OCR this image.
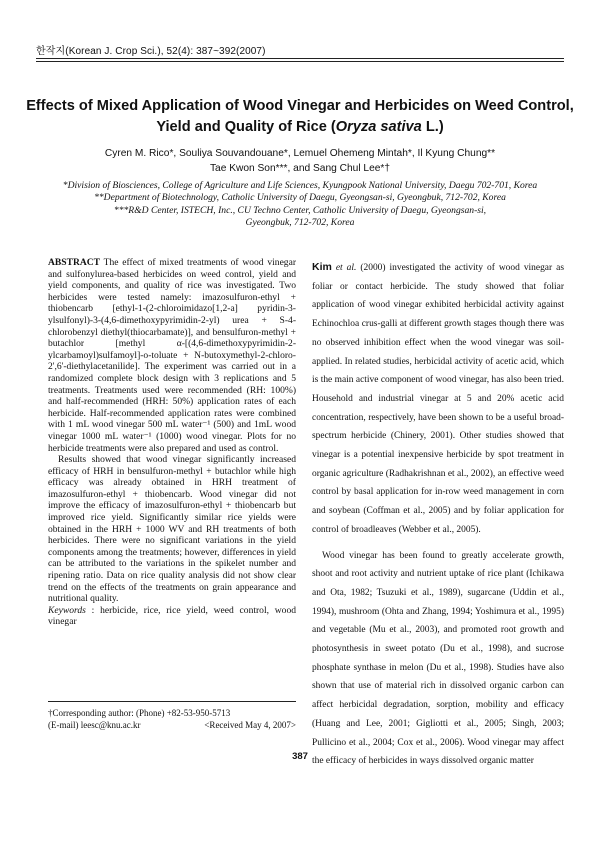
한작지(Korean J. Crop Sci.), 52(4): 387~392(2007)
Effects of Mixed Application of Wood Vinegar and Herbicides on Weed Control,
Yield and Quality of Rice (Oryza sativa L.)
Cyren M. Rico*, Souliya Souvandouane*, Lemuel Ohemeng Mintah*, Il Kyung Chung**
Tae Kwon Son***, and Sang Chul Lee*†
*Division of Biosciences, College of Agriculture and Life Sciences, Kyungpook National University, Daegu 702-701, Korea
**Department of Biotechnology, Catholic University of Daegu, Gyeongsan-si, Gyeongbuk, 712-702, Korea
***R&D Center, ISTECH, Inc., CU Techno Center, Catholic University of Daegu, Gyeongsan-si,
Gyeongbuk, 712-702, Korea

ABSTRACT The effect of mixed treatments of wood vinegar and sulfonylurea-based herbicides on weed control, yield and yield components, and quality of rice was investigated. Two herbicides were tested namely: imazosulfuron-ethyl + thiobencarb [ethyl-1-(2-chloroimidazo[1,2-a] pyridin-3-ylsulfonyl)-3-(4,6-dimethoxypyrimidin-2-yl) urea + S-4-chlorobenzyl diethyl(thiocarbamate)], and bensulfuron-methyl + butachlor [methyl α-[(4,6-dimethoxypyrimidin-2-ylcarbamoyl)sulfamoyl]-o-toluate + N-butoxymethyl-2-chloro-2',6'-diethylacetanilide]. The experiment was carried out in a randomized complete block design with 3 replications and 5 treatments. Treatments used were recommended (RH: 100%) and half-recommended (HRH: 50%) application rates of each herbicide. Half-recommended application rates were combined with 1 mL wood vinegar 500 mL water⁻¹ (500) and 1mL wood vinegar 1000 mL water⁻¹ (1000) wood vinegar. Plots for no herbicide treatments were also prepared and used as control.

Results showed that wood vinegar significantly increased efficacy of HRH in bensulfuron-methyl + butachlor while high efficacy was already obtained in HRH treatment of imazosulfuron-ethyl + thiobencarb. Wood vinegar did not improve the efficacy of imazosulfuron-ethyl + thiobencarb but improved rice yield. Significantly similar rice yields were obtained in the HRH + 1000 WV and RH treatments of both herbicides. There were no significant variations in the yield components among the treatments; however, differences in yield can be attributed to the variations in the spikelet number and ripening ratio. Data on rice quality analysis did not show clear trend on the effects of the treatments on grain appearance and nutritional quality.

Keywords : herbicide, rice, rice yield, weed control, wood vinegar

†Corresponding author: (Phone) +82-53-950-5713
(E-mail) leesc@knu.ac.kr	<Received May 4, 2007>

Kim et al. (2000) investigated the activity of wood vinegar as foliar or contact herbicide. The study showed that foliar application of wood vinegar exhibited herbicidal activity against Echinochloa crus-galli at different growth stages though there was no observed inhibition effect when the wood vinegar was soil-applied. In related studies, herbicidal activity of acetic acid, which is the main active component of wood vinegar, has also been tried. Household and industrial vinegar at 5 and 20% acetic acid concentration, respectively, have been shown to be a useful broad-spectrum herbicide (Chinery, 2001). Other studies showed that vinegar is a potential inexpensive herbicide by spot treatment in organic agriculture (Radhakrishnan et al., 2002), an effective weed control by basal application for in-row weed management in corn and soybean (Coffman et al., 2005) and by foliar application for control of broadleaves (Webber et al., 2005).

Wood vinegar has been found to greatly accelerate growth, shoot and root activity and nutrient uptake of rice plant (Ichikawa and Ota, 1982; Tsuzuki et al., 1989), sugarcane (Uddin et al., 1994), mushroom (Ohta and Zhang, 1994; Yoshimura et al., 1995) and vegetable (Mu et al., 2003), and promoted root growth and photosynthesis in sweet potato (Du et al., 1998), and sucrose phosphate synthase in melon (Du et al., 1998). Studies have also shown that use of material rich in dissolved organic carbon can affect herbicidal degradation, sorption, mobility and efficacy (Huang and Lee, 2001; Gigliotti et al., 2005; Singh, 2003; Pullicino et al., 2004; Cox et al., 2006). Wood vinegar may affect the efficacy of herbicides in ways dissolved organic matter

387
